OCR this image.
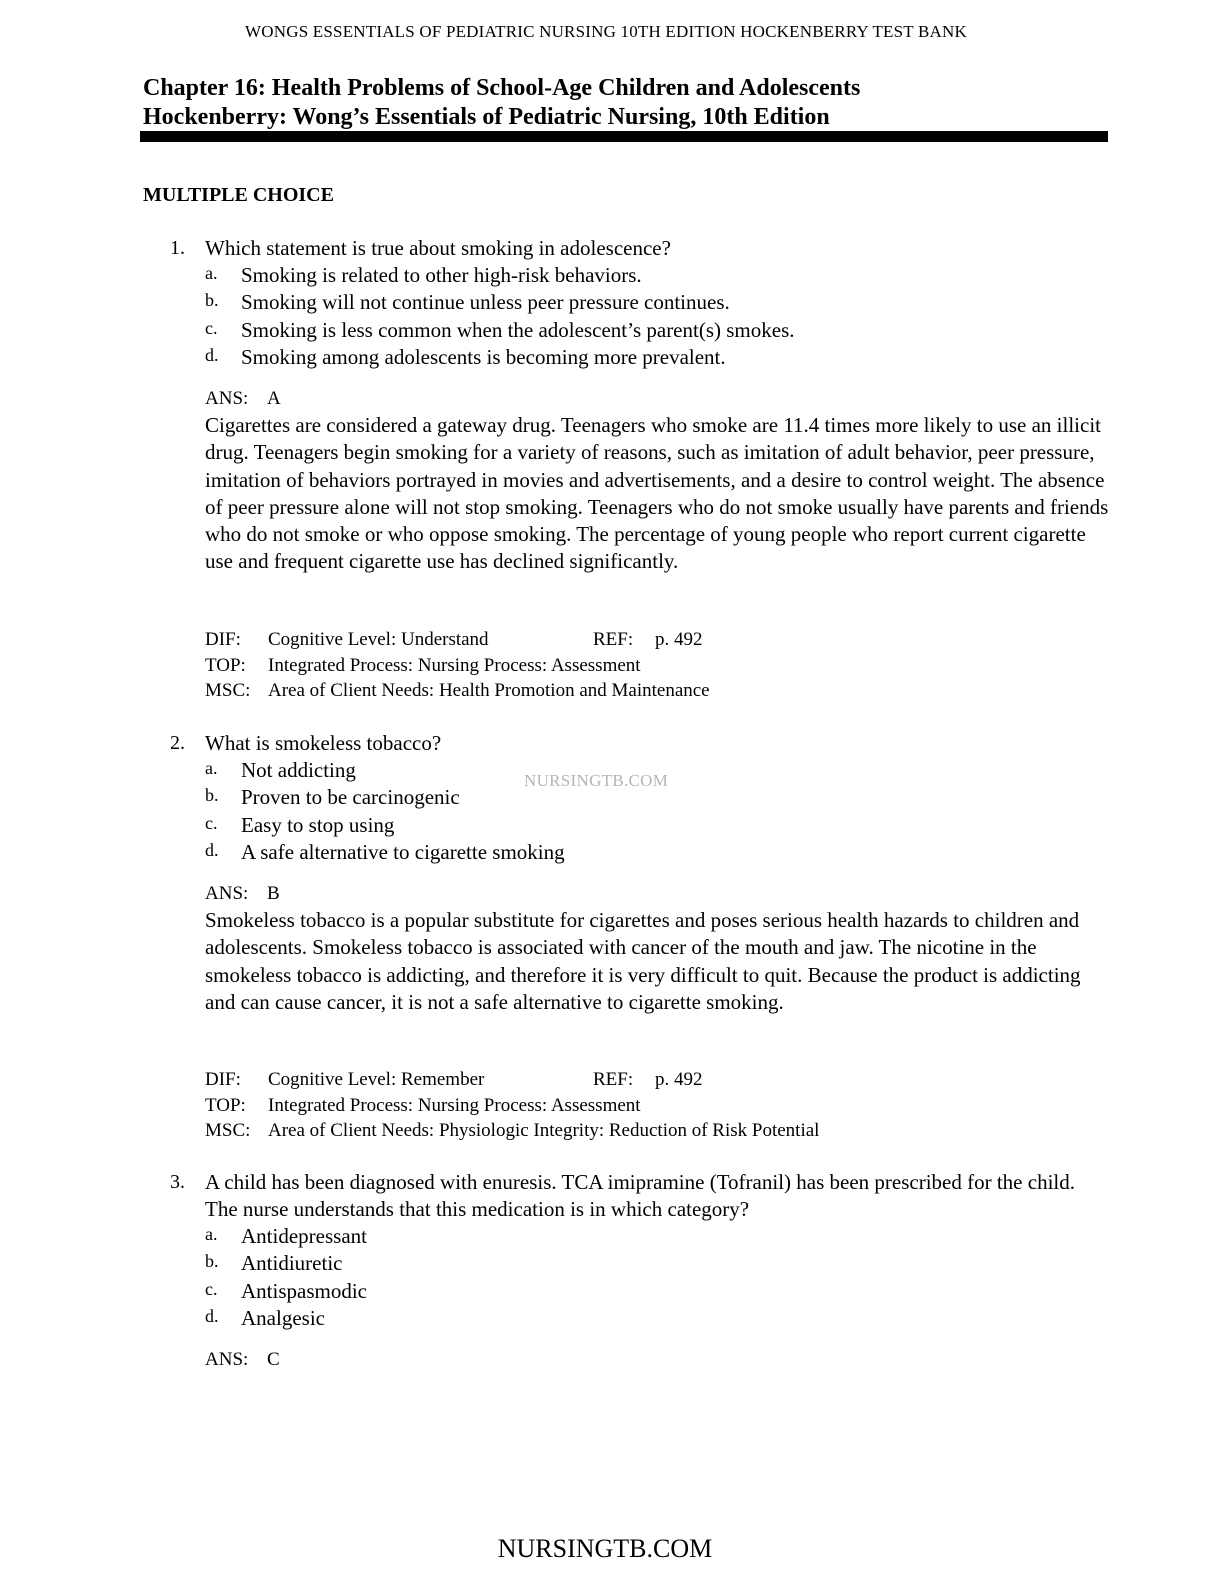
WONGS ESSENTIALS OF PEDIATRIC NURSING 10TH EDITION HOCKENBERRY TEST BANK
Chapter 16: Health Problems of School-Age Children and Adolescents
Hockenberry: Wong’s Essentials of Pediatric Nursing, 10th Edition
MULTIPLE CHOICE
1. Which statement is true about smoking in adolescence?
a. Smoking is related to other high-risk behaviors.
b. Smoking will not continue unless peer pressure continues.
c. Smoking is less common when the adolescent’s parent(s) smokes.
d. Smoking among adolescents is becoming more prevalent.
ANS: A
Cigarettes are considered a gateway drug. Teenagers who smoke are 11.4 times more likely to use an illicit drug. Teenagers begin smoking for a variety of reasons, such as imitation of adult behavior, peer pressure, imitation of behaviors portrayed in movies and advertisements, and a desire to control weight. The absence of peer pressure alone will not stop smoking. Teenagers who do not smoke usually have parents and friends who do not smoke or who oppose smoking. The percentage of young people who report current cigarette use and frequent cigarette use has declined significantly.
DIF: Cognitive Level: Understand	REF: p. 492
TOP: Integrated Process: Nursing Process: Assessment
MSC: Area of Client Needs: Health Promotion and Maintenance
2. What is smokeless tobacco?
a. Not addicting
b. Proven to be carcinogenic
c. Easy to stop using
d. A safe alternative to cigarette smoking
ANS: B
Smokeless tobacco is a popular substitute for cigarettes and poses serious health hazards to children and adolescents. Smokeless tobacco is associated with cancer of the mouth and jaw. The nicotine in the smokeless tobacco is addicting, and therefore it is very difficult to quit. Because the product is addicting and can cause cancer, it is not a safe alternative to cigarette smoking.
DIF: Cognitive Level: Remember	REF: p. 492
TOP: Integrated Process: Nursing Process: Assessment
MSC: Area of Client Needs: Physiologic Integrity: Reduction of Risk Potential
3. A child has been diagnosed with enuresis. TCA imipramine (Tofranil) has been prescribed for the child. The nurse understands that this medication is in which category?
a. Antidepressant
b. Antidiuretic
c. Antispasmodic
d. Analgesic
ANS: C
NURSINGTB.COM
NURSINGTB.COM
